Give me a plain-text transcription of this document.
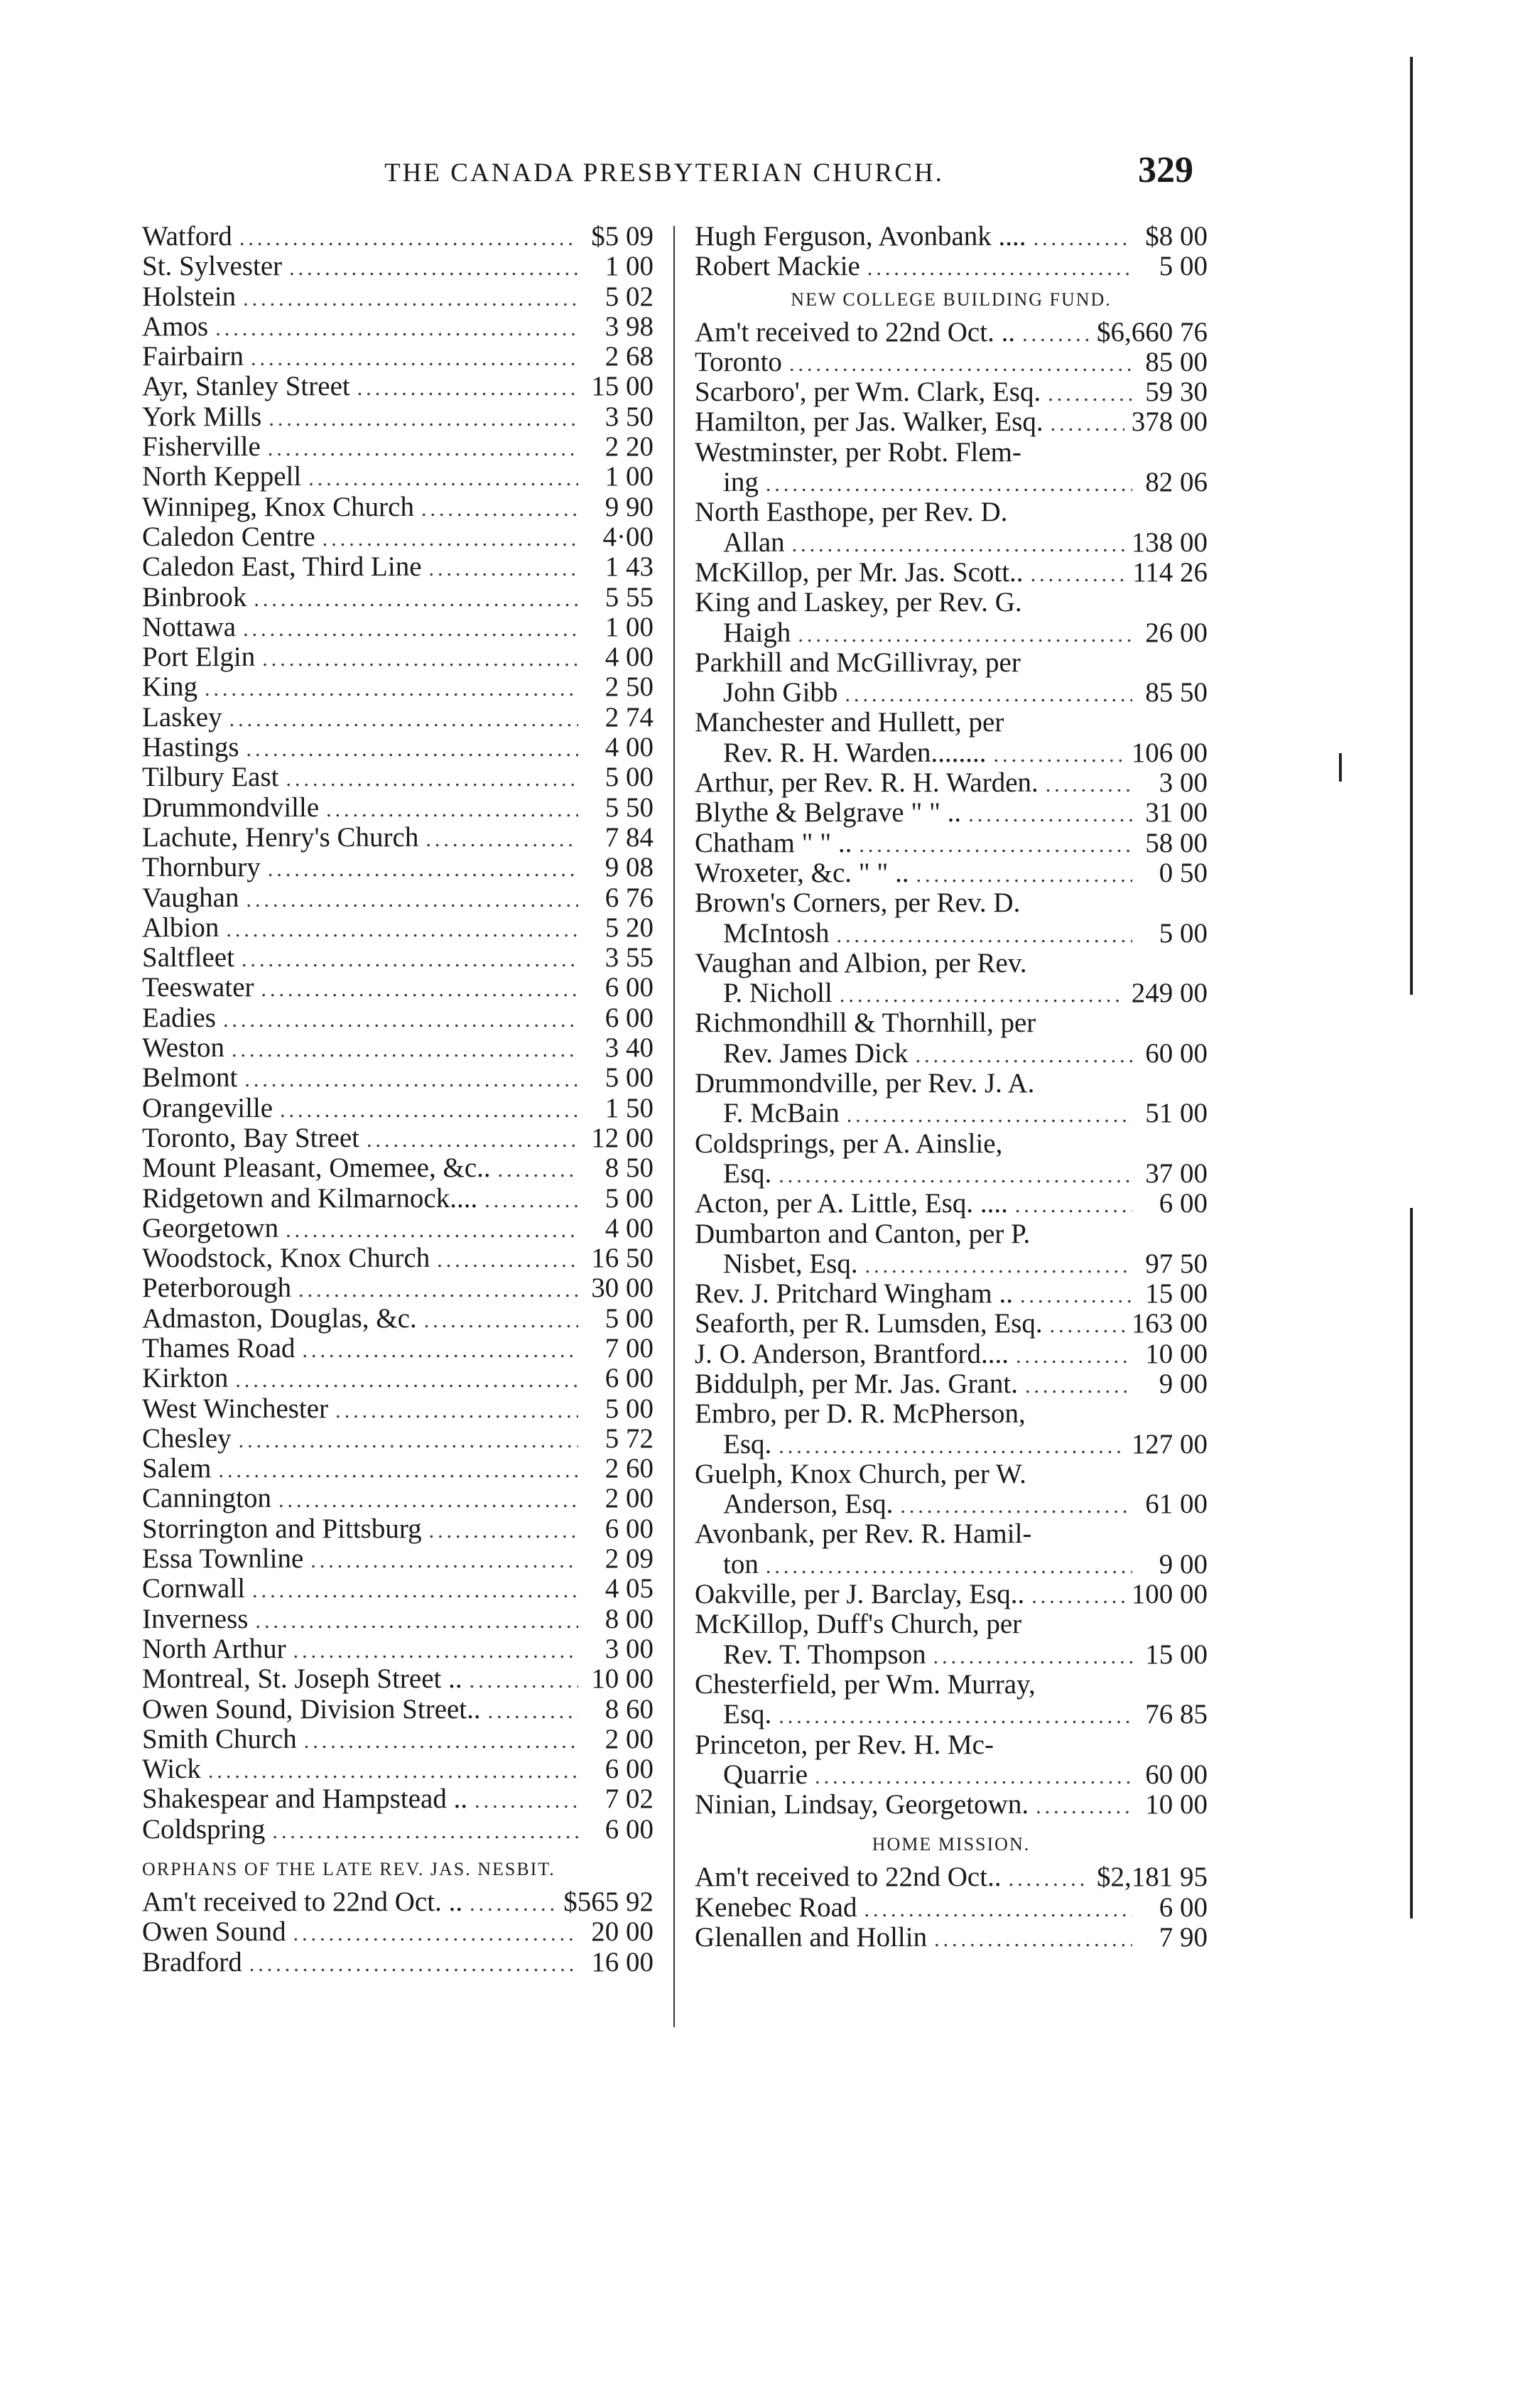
THE CANADA PRESBYTERIAN CHURCH.	329
Watford .....	$5 09
St. Sylvester .....	1 00
Holstein .....	5 02
Amos .....	3 98
Fairbairn .....	2 68
Ayr, Stanley Street .....	15 00
York Mills .....	3 50
Fisherville .....	2 20
North Keppell .....	1 00
Winnipeg, Knox Church .....	9 90
Caledon Centre .....	4·00
Caledon East, Third Line .....	1 43
Binbrook .....	5 55
Nottawa .....	1 00
Port Elgin .....	4 00
King .....	2 50
Laskey .....	2 74
Hastings .....	4 00
Tilbury East .....	5 00
Drummondville .....	5 50
Lachute, Henry's Church .....	7 84
Thornbury .....	9 08
Vaughan .....	6 76
Albion .....	5 20
Saltfleet .....	3 55
Teeswater .....	6 00
Eadies .....	6 00
Weston .....	3 40
Belmont .....	5 00
Orangeville .....	1 50
Toronto, Bay Street .....	12 00
Mount Pleasant, Omemee, &c.. .....	8 50
Ridgetown and Kilmarnock.... .....	5 00
Georgetown .....	4 00
Woodstock, Knox Church .....	16 50
Peterborough .....	30 00
Admaston, Douglas, &c. .....	5 00
Thames Road .....	7 00
Kirkton .....	6 00
West Winchester .....	5 00
Chesley .....	5 72
Salem .....	2 60
Cannington .....	2 00
Storrington and Pittsburg .....	6 00
Essa Townline .....	2 09
Cornwall .....	4 05
Inverness .....	8 00
North Arthur .....	3 00
Montreal, St. Joseph Street .. .....	10 00
Owen Sound, Division Street.. .....	8 60
Smith Church .....	2 00
Wick .....	6 00
Shakespear and Hampstead .. .....	7 02
Coldspring .....	6 00
ORPHANS OF THE LATE REV. JAS. NESBIT.
Am't received to 22nd Oct. .. .....	$565 92
Owen Sound .....	20 00
Bradford .....	16 00
Hugh Ferguson, Avonbank .... .....	$8 00
Robert Mackie .....	5 00
NEW COLLEGE BUILDING FUND.
Am't received to 22nd Oct. .. .....	$6,660 76
Toronto .....	85 00
Scarboro', per Wm. Clark, Esq. .....	59 30
Hamilton, per Jas. Walker, Esq. .....	378 00
Westminster, per Robt. Flem-
ing .....	82 06
North Easthope, per Rev. D.
Allan .....	138 00
McKillop, per Mr. Jas. Scott.. .....	114 26
King and Laskey, per Rev. G.
Haigh .....	26 00
Parkhill and McGillivray, per
John Gibb .....	85 50
Manchester and Hullett, per
Rev. R. H. Warden........ .....	106 00
Arthur, per Rev. R. H. Warden. .....	3 00
Blythe & Belgrave " " .. .....	31 00
Chatham " " .. .....	58 00
Wroxeter, &c. " " .. .....	0 50
Brown's Corners, per Rev. D.
McIntosh .....	5 00
Vaughan and Albion, per Rev.
P. Nicholl .....	249 00
Richmondhill & Thornhill, per
Rev. James Dick .....	60 00
Drummondville, per Rev. J. A.
F. McBain .....	51 00
Coldsprings, per A. Ainslie,
Esq. .....	37 00
Acton, per A. Little, Esq. .... .....	6 00
Dumbarton and Canton, per P.
Nisbet, Esq. .....	97 50
Rev. J. Pritchard Wingham .. .....	15 00
Seaforth, per R. Lumsden, Esq. .....	163 00
J. O. Anderson, Brantford.... .....	10 00
Biddulph, per Mr. Jas. Grant. .....	9 00
Embro, per D. R. McPherson,
Esq. .....	127 00
Guelph, Knox Church, per W.
Anderson, Esq. .....	61 00
Avonbank, per Rev. R. Hamil-
ton .....	9 00
Oakville, per J. Barclay, Esq.. .....	100 00
McKillop, Duff's Church, per
Rev. T. Thompson .....	15 00
Chesterfield, per Wm. Murray,
Esq. .....	76 85
Princeton, per Rev. H. Mc-
Quarrie .....	60 00
Ninian, Lindsay, Georgetown. .....	10 00
HOME MISSION.
Am't received to 22nd Oct.. .....	$2,181 95
Kenebec Road .....	6 00
Glenallen and Hollin .....	7 90
